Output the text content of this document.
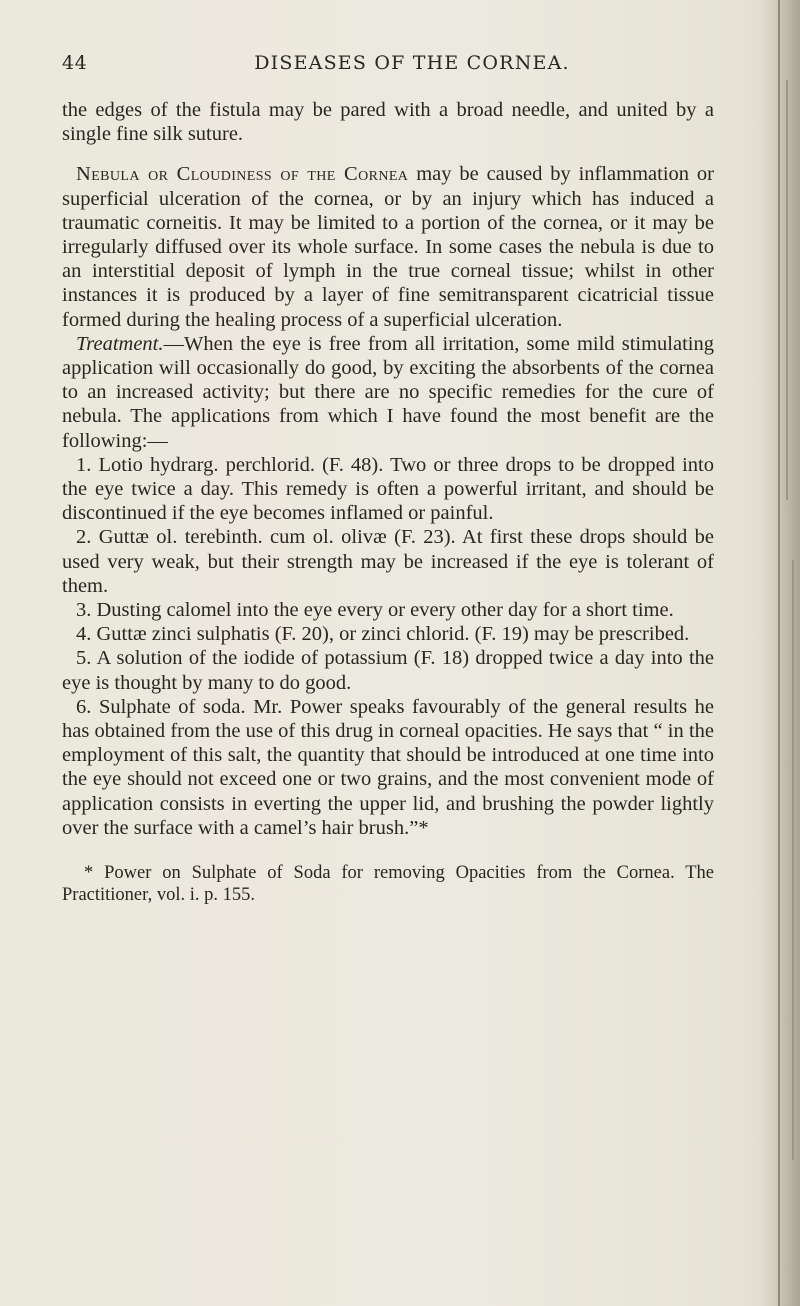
44	DISEASES OF THE CORNEA.

the edges of the fistula may be pared with a broad needle, and united by a single fine silk suture.

Nebula or Cloudiness of the Cornea may be caused by inflammation or superficial ulceration of the cornea, or by an injury which has induced a traumatic corneitis. It may be limited to a portion of the cornea, or it may be irregularly diffused over its whole surface. In some cases the nebula is due to an interstitial deposit of lymph in the true corneal tissue; whilst in other instances it is produced by a layer of fine semitransparent cicatricial tissue formed during the healing process of a superficial ulceration.

Treatment.—When the eye is free from all irritation, some mild stimulating application will occasionally do good, by exciting the absorbents of the cornea to an increased activity; but there are no specific remedies for the cure of nebula. The applications from which I have found the most benefit are the following:—

1. Lotio hydrarg. perchlorid. (F. 48). Two or three drops to be dropped into the eye twice a day. This remedy is often a powerful irritant, and should be discontinued if the eye becomes inflamed or painful.

2. Guttæ ol. terebinth. cum ol. olivæ (F. 23). At first these drops should be used very weak, but their strength may be increased if the eye is tolerant of them.

3. Dusting calomel into the eye every or every other day for a short time.

4. Guttæ zinci sulphatis (F. 20), or zinci chlorid. (F. 19) may be prescribed.

5. A solution of the iodide of potassium (F. 18) dropped twice a day into the eye is thought by many to do good.

6. Sulphate of soda. Mr. Power speaks favourably of the general results he has obtained from the use of this drug in corneal opacities. He says that “ in the employment of this salt, the quantity that should be introduced at one time into the eye should not exceed one or two grains, and the most convenient mode of application consists in everting the upper lid, and brushing the powder lightly over the surface with a camel’s hair brush.”*

* Power on Sulphate of Soda for removing Opacities from the Cornea. The Practitioner, vol. i. p. 155.
